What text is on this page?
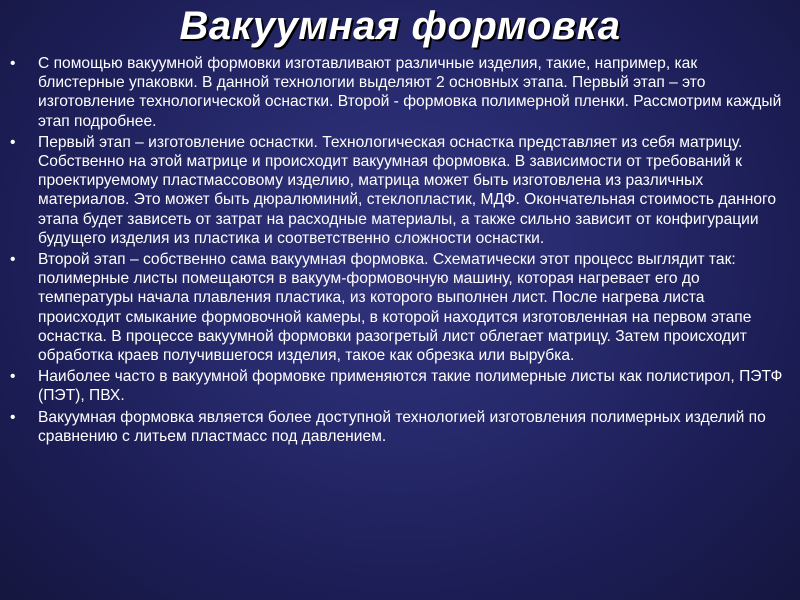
Вакуумная формовка
•	С помощью вакуумной формовки изготавливают различные изделия, такие, например, как блистерные упаковки. В данной технологии выделяют 2 основных этапа. Первый этап – это изготовление технологической оснастки. Второй - формовка полимерной пленки. Рассмотрим каждый этап подробнее.
•	Первый этап – изготовление оснастки. Технологическая оснастка представляет из себя матрицу. Собственно на этой матрице и происходит вакуумная формовка. В зависимости от требований к проектируемому пластмассовому изделию, матрица может быть изготовлена из различных материалов. Это может быть дюралюминий, стеклопластик, МДФ. Окончательная стоимость данного этапа будет зависеть от затрат на расходные материалы, а также сильно зависит от конфигурации будущего изделия из пластика и соответственно сложности оснастки.
•	Второй этап – собственно сама вакуумная формовка. Схематически этот процесс выглядит так: полимерные листы помещаются в вакуум-формовочную машину, которая нагревает его до температуры начала плавления пластика, из которого выполнен лист. После нагрева листа происходит смыкание формовочной камеры, в которой находится изготовленная на первом этапе оснастка. В процессе вакуумной формовки разогретый лист облегает матрицу. Затем происходит обработка краев получившегося изделия, такое как обрезка или вырубка.
•	Наиболее часто в вакуумной формовке применяются такие полимерные листы как полистирол, ПЭТФ (ПЭТ), ПВХ.
•	Вакуумная формовка является более доступной технологией изготовления полимерных изделий по сравнению с литьем пластмасс под давлением.
